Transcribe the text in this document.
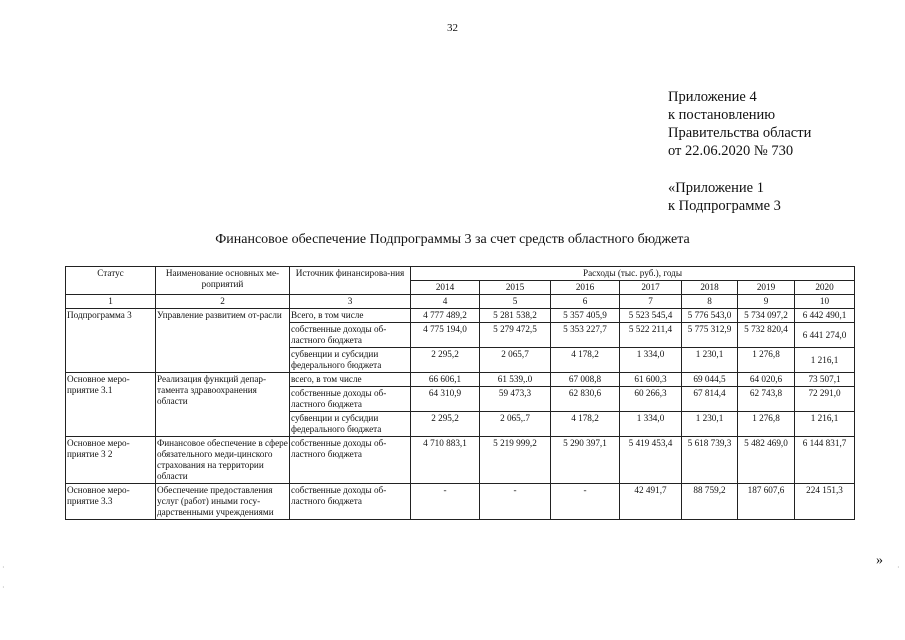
32
Приложение 4
к постановлению
Правительства области
от 22.06.2020 № 730
«Приложение 1
к Подпрограмме 3
Финансовое обеспечение Подпрограммы 3 за счет средств областного бюджета
Статус	Наименование основных ме-роприятий	Источник финансирова-ния	Расходы (тыс. руб.), годы						
			2014	2015	2016	2017	2018	2019	2020
1	2	3	4	5	6	7	8	9	10
Подпрограмма 3	Управление развитием от-расли	Всего, в том числе	4 777 489,2	5 281 538,2	5 357 405,9	5 523 545,4	5 776 543,0	5 734 097,2	6 442 490,1
		собственные доходы об-ластного бюджета	4 775 194,0	5 279 472,5	5 353 227,7	5 522 211,4	5 775 312,9	5 732 820,4	6 441 274,0
		субвенции и субсидии федерального бюджета	2 295,2	2 065,7	4 178,2	1 334,0	1 230,1	1 276,8	1 216,1
Основное меро-приятие 3.1	Реализация функций депар-тамента здравоохранения области	всего, в том числе	66 606,1	61 539,.0	67 008,8	61 600,3	69 044,5	64 020,6	73 507,1
		собственные доходы об-ластного бюджета	64 310,9	59 473,3	62 830,6	60 266,3	67 814,4	62 743,8	72 291,0
		субвенции и субсидии федерального бюджета	2 295,2	2 065,.7	4 178,2	1 334,0	1 230,1	1 276,8	1 216,1
Основное меро-приятие 3 2	Финансовое обеспечение в сфере обязательного меди-цинского страхования на территории области	собственные доходы об-ластного бюджета	4 710 883,1	5 219 999,2	5 290 397,1	5 419 453,4	5 618 739,3	5 482 469,0	6 144 831,7
Основное меро-приятие 3.3	Обеспечение предоставления услуг (работ) иными госу-дарственными учреждениями	собственные доходы об-ластного бюджета	-	-	-	42 491,7	88 759,2	187 607,6	224 151,3
»
·
·
·
